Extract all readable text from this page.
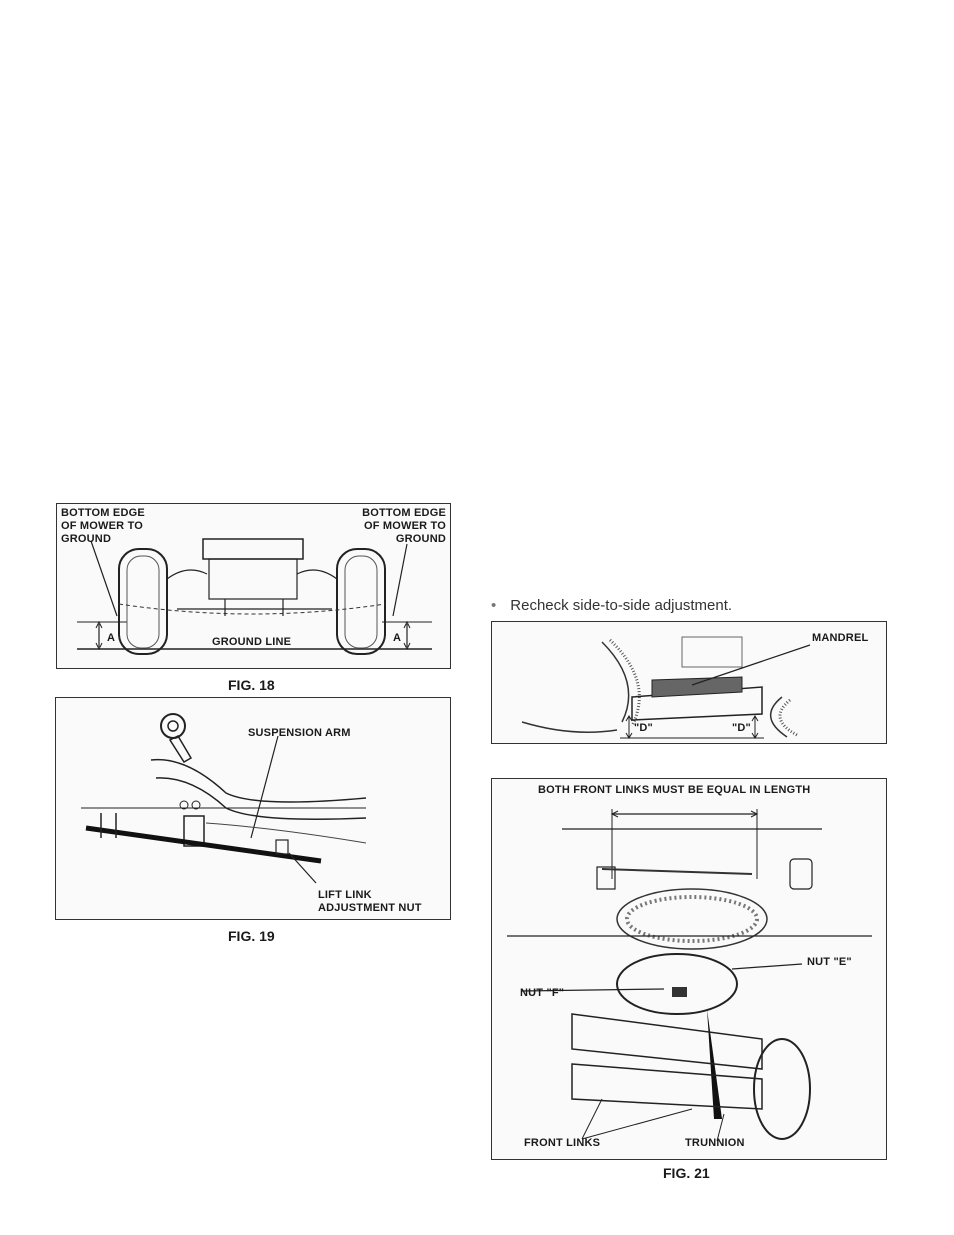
BOTTOM EDGE
OF MOWER TO
GROUND
BOTTOM EDGE
OF MOWER TO
GROUND
GROUND LINE
A	A
FIG. 18
SUSPENSION ARM
LIFT LINK
ADJUSTMENT NUT
FIG. 19
• Recheck side-to-side adjustment.
MANDREL
"D"	"D"
BOTH FRONT LINKS MUST BE EQUAL IN LENGTH
NUT "E"
NUT "F"
FRONT LINKS	TRUNNION
FIG. 21
